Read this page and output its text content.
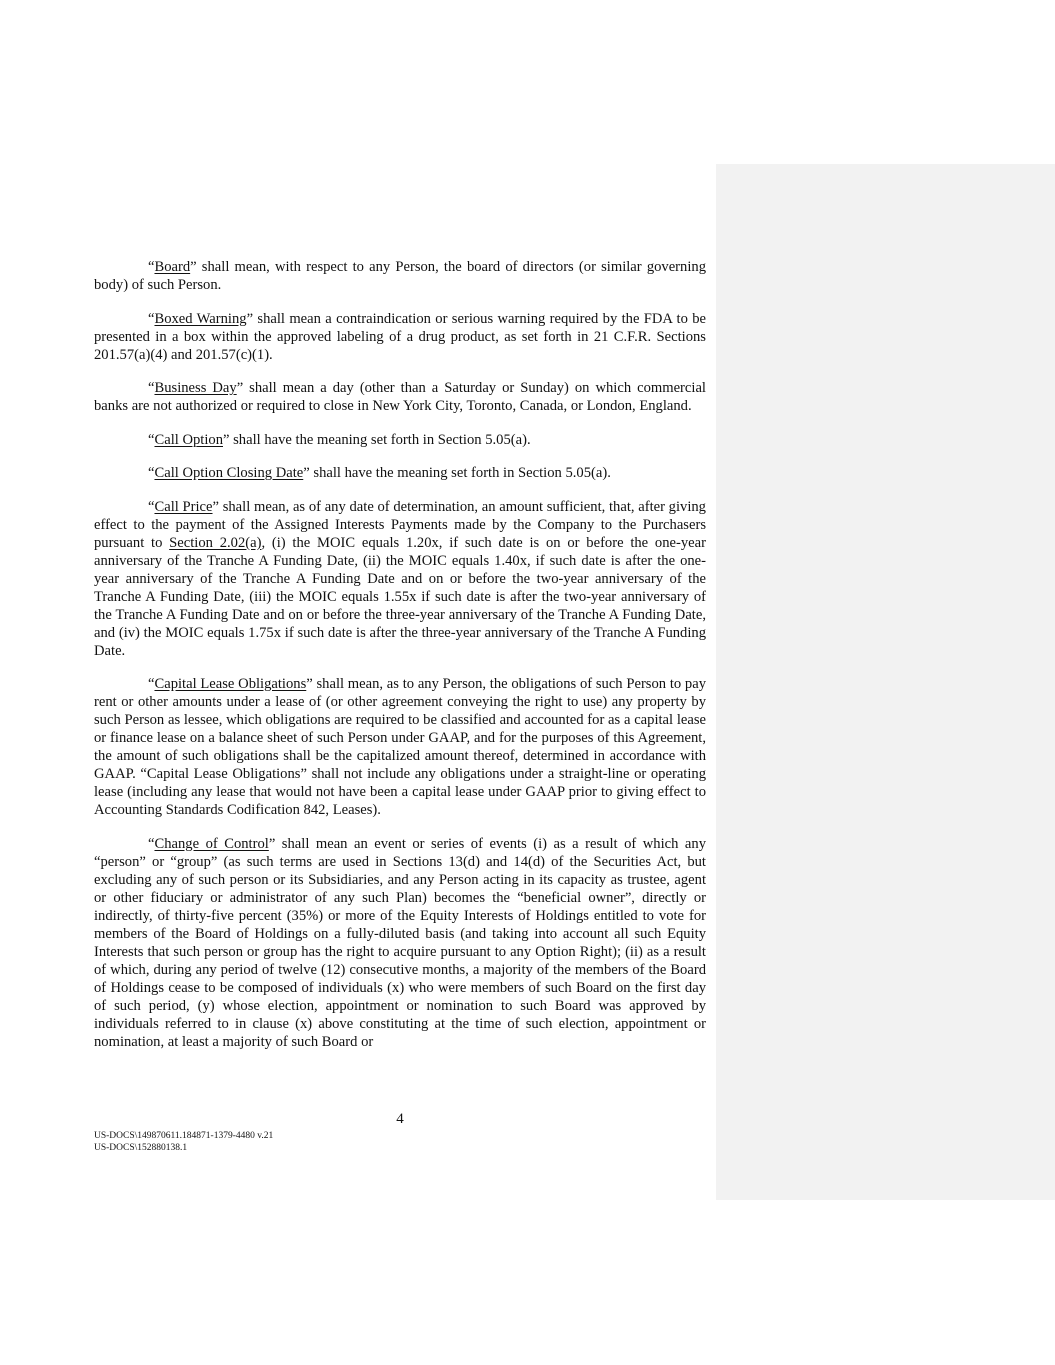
“Board” shall mean, with respect to any Person, the board of directors (or similar governing body) of such Person.

“Boxed Warning” shall mean a contraindication or serious warning required by the FDA to be presented in a box within the approved labeling of a drug product, as set forth in 21 C.F.R. Sections 201.57(a)(4) and 201.57(c)(1).

“Business Day” shall mean a day (other than a Saturday or Sunday) on which commercial banks are not authorized or required to close in New York City, Toronto, Canada, or London, England.

“Call Option” shall have the meaning set forth in Section 5.05(a).

“Call Option Closing Date” shall have the meaning set forth in Section 5.05(a).

“Call Price” shall mean, as of any date of determination, an amount sufficient, that, after giving effect to the payment of the Assigned Interests Payments made by the Company to the Purchasers pursuant to Section 2.02(a), (i) the MOIC equals 1.20x, if such date is on or before the one-year anniversary of the Tranche A Funding Date, (ii) the MOIC equals 1.40x, if such date is after the one-year anniversary of the Tranche A Funding Date and on or before the two-year anniversary of the Tranche A Funding Date, (iii) the MOIC equals 1.55x if such date is after the two-year anniversary of the Tranche A Funding Date and on or before the three-year anniversary of the Tranche A Funding Date, and (iv) the MOIC equals 1.75x if such date is after the three-year anniversary of the Tranche A Funding Date.

“Capital Lease Obligations” shall mean, as to any Person, the obligations of such Person to pay rent or other amounts under a lease of (or other agreement conveying the right to use) any property by such Person as lessee, which obligations are required to be classified and accounted for as a capital lease or finance lease on a balance sheet of such Person under GAAP, and for the purposes of this Agreement, the amount of such obligations shall be the capitalized amount thereof, determined in accordance with GAAP. “Capital Lease Obligations” shall not include any obligations under a straight-line or operating lease (including any lease that would not have been a capital lease under GAAP prior to giving effect to Accounting Standards Codification 842, Leases).

“Change of Control” shall mean an event or series of events (i) as a result of which any “person” or “group” (as such terms are used in Sections 13(d) and 14(d) of the Securities Act, but excluding any of such person or its Subsidiaries, and any Person acting in its capacity as trustee, agent or other fiduciary or administrator of any such Plan) becomes the “beneficial owner”, directly or indirectly, of thirty-five percent (35%) or more of the Equity Interests of Holdings entitled to vote for members of the Board of Holdings on a fully-diluted basis (and taking into account all such Equity Interests that such person or group has the right to acquire pursuant to any Option Right); (ii) as a result of which, during any period of twelve (12) consecutive months, a majority of the members of the Board of Holdings cease to be composed of individuals (x) who were members of such Board on the first day of such period, (y) whose election, appointment or nomination to such Board was approved by individuals referred to in clause (x) above constituting at the time of such election, appointment or nomination, at least a majority of such Board or

4
US-DOCS\149870611.184871-1379-4480 v.21
US-DOCS\152880138.1
